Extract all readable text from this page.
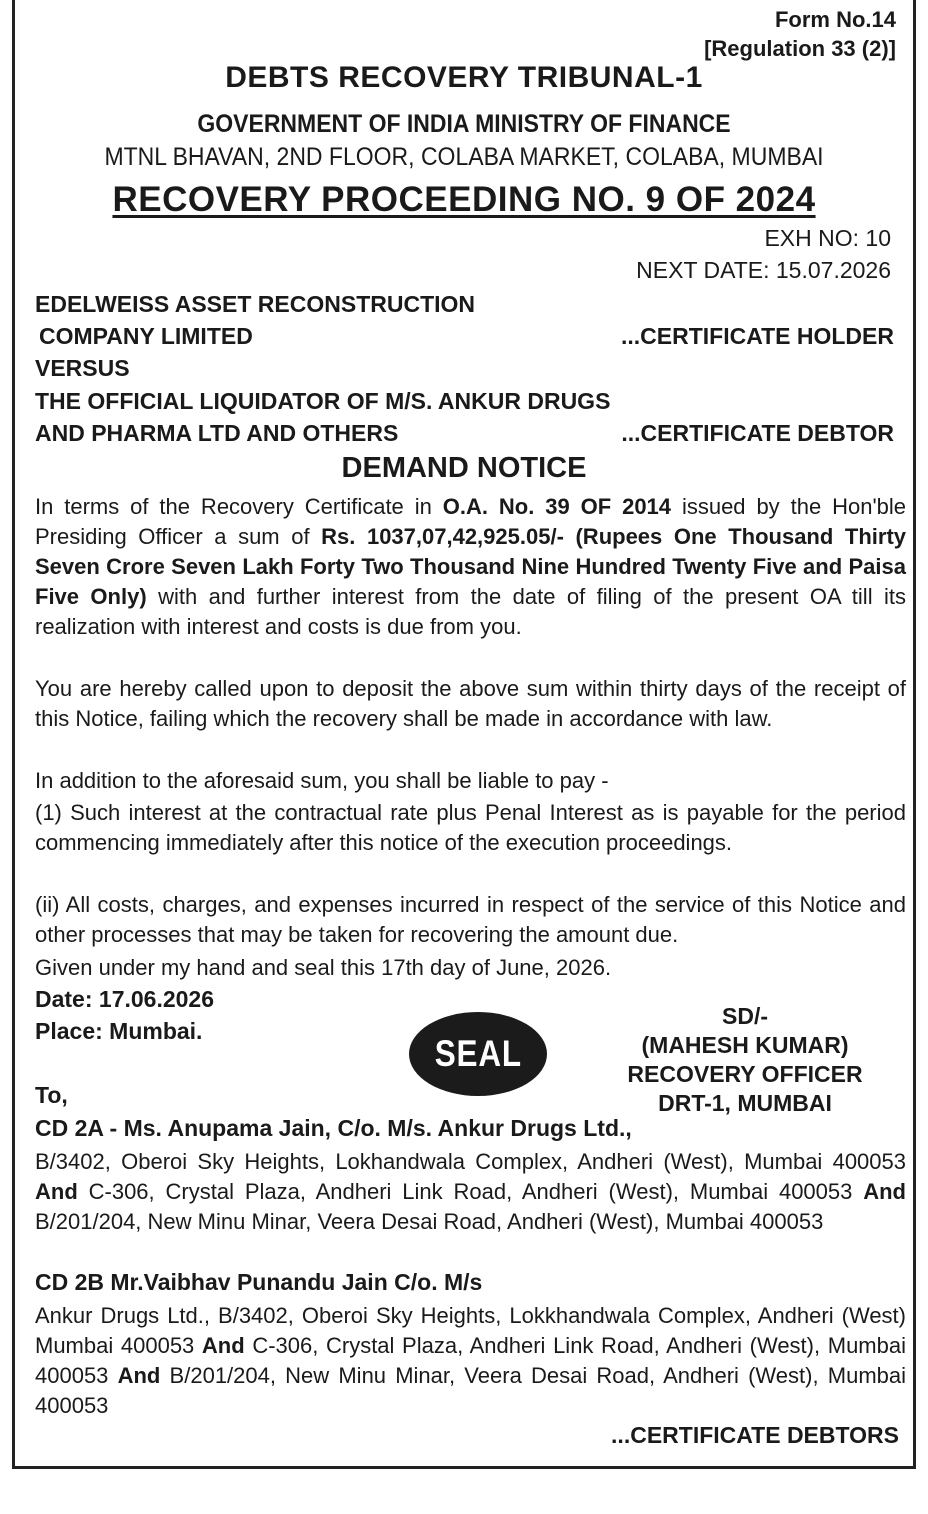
Form No.14
[Regulation 33 (2)]
DEBTS RECOVERY TRIBUNAL-1
GOVERNMENT OF INDIA MINISTRY OF FINANCE
MTNL BHAVAN, 2ND FLOOR, COLABA MARKET, COLABA, MUMBAI
RECOVERY PROCEEDING NO. 9 OF 2024
EXH NO: 10
NEXT DATE: 15.07.2026
EDELWEISS ASSET RECONSTRUCTION
COMPANY LIMITED	...CERTIFICATE HOLDER
VERSUS
THE OFFICIAL LIQUIDATOR OF M/S. ANKUR DRUGS
AND PHARMA LTD AND OTHERS	...CERTIFICATE DEBTOR
DEMAND NOTICE
In terms of the Recovery Certificate in O.A. No. 39 OF 2014 issued by the Hon'ble Presiding Officer a sum of Rs. 1037,07,42,925.05/- (Rupees One Thousand Thirty Seven Crore Seven Lakh Forty Two Thousand Nine Hundred Twenty Five and Paisa Five Only) with and further interest from the date of filing of the present OA till its realization with interest and costs is due from you.
You are hereby called upon to deposit the above sum within thirty days of the receipt of this Notice, failing which the recovery shall be made in accordance with law.
In addition to the aforesaid sum, you shall be liable to pay -
(1) Such interest at the contractual rate plus Penal Interest as is payable for the period commencing immediately after this notice of the execution proceedings.
(ii) All costs, charges, and expenses incurred in respect of the service of this Notice and other processes that may be taken for recovering the amount due.
Given under my hand and seal this 17th day of June, 2026.
Date: 17.06.2026
Place: Mumbai.
SEAL
SD/-
(MAHESH KUMAR)
RECOVERY OFFICER
DRT-1, MUMBAI
To,
CD 2A - Ms. Anupama Jain, C/o. M/s. Ankur Drugs Ltd.,
B/3402, Oberoi Sky Heights, Lokhandwala Complex, Andheri (West), Mumbai 400053 And C-306, Crystal Plaza, Andheri Link Road, Andheri (West), Mumbai 400053 And B/201/204, New Minu Minar, Veera Desai Road, Andheri (West), Mumbai 400053
CD 2B Mr.Vaibhav Punandu Jain C/o. M/s
Ankur Drugs Ltd., B/3402, Oberoi Sky Heights, Lokkhandwala Complex, Andheri (West) Mumbai 400053 And C-306, Crystal Plaza, Andheri Link Road, Andheri (West), Mumbai 400053 And B/201/204, New Minu Minar, Veera Desai Road, Andheri (West), Mumbai 400053
...CERTIFICATE DEBTORS
